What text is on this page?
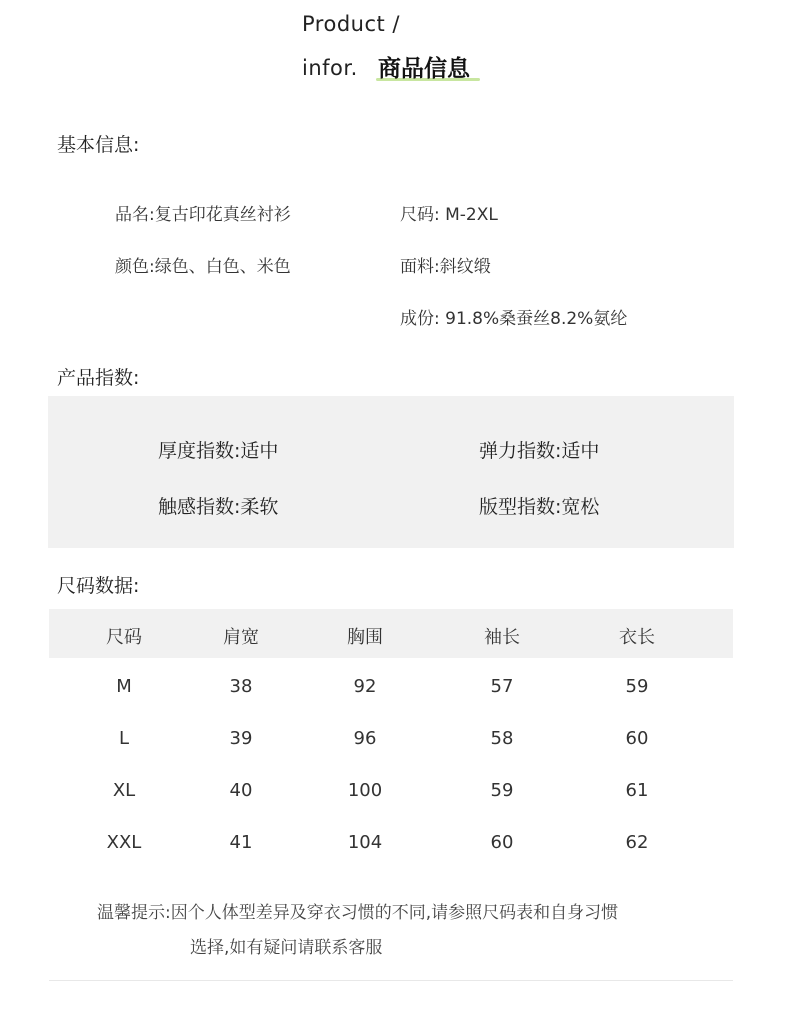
Product /
infor. 商品信息
基本信息:
品名:复古印花真丝衬衫	尺码: M-2XL
颜色:绿色、白色、米色	面料:斜纹缎
成份: 91.8%桑蚕丝8.2%氨纶
产品指数:
厚度指数:适中	弹力指数:适中
触感指数:柔软	版型指数:宽松
尺码数据:
尺码	肩宽	胸围	袖长	衣长
M	38	92	57	59
L	39	96	58	60
XL	40	100	59	61
XXL	41	104	60	62
温馨提示:因个人体型差异及穿衣习惯的不同,请参照尺码表和自身习惯
选择,如有疑问请联系客服
